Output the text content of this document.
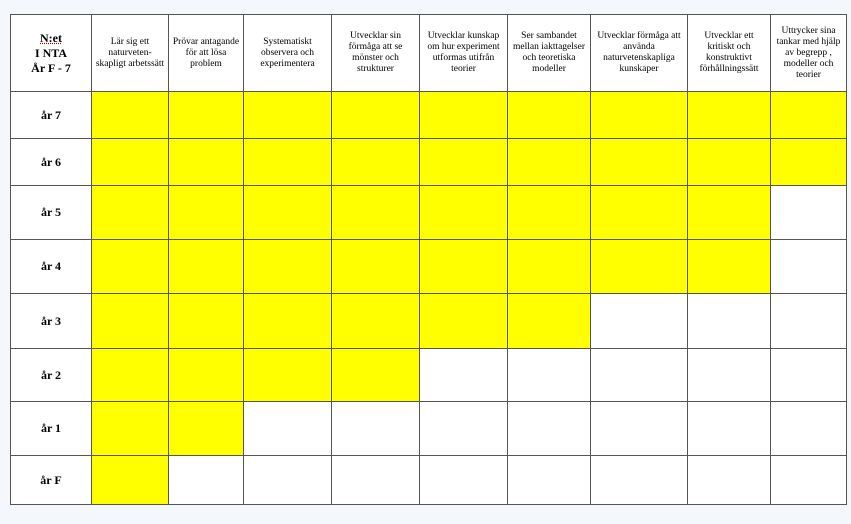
N:et
I NTA
År F - 7	Lär sig ett naturveten-skapligt arbetssätt	Prövar antagande för att lösa problem	Systematiskt observera och experimentera	Utvecklar sin förmåga att se mönster och strukturer	Utvecklar kunskap om hur experiment utformas utifrån teorier	Ser sambandet mellan iakttagelser och teoretiska modeller	Utvecklar förmåga att använda naturvetenskapliga kunskaper	Utvecklar ett kritiskt och konstruktivt förhållningssätt	Uttrycker sina tankar med hjälp av begrepp , modeller och teorier
år 7									
år 6									
år 5									
år 4									
år 3									
år 2									
år 1									
år F									
